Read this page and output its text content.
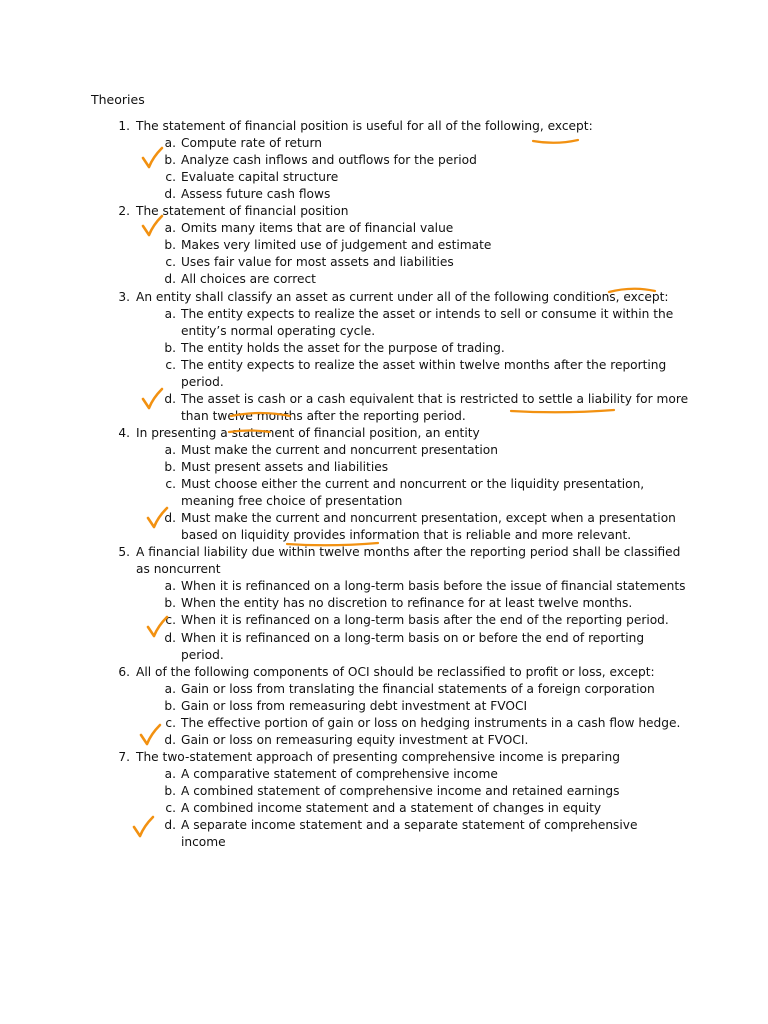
Theories
1. The statement of financial position is useful for all of the following, except:
a. Compute rate of return
b. Analyze cash inflows and outflows for the period
c. Evaluate capital structure
d. Assess future cash flows
2. The statement of financial position
a. Omits many items that are of financial value
b. Makes very limited use of judgement and estimate
c. Uses fair value for most assets and liabilities
d. All choices are correct
3. An entity shall classify an asset as current under all of the following conditions, except:
a. The entity expects to realize the asset or intends to sell or consume it within the
entity’s normal operating cycle.
b. The entity holds the asset for the purpose of trading.
c. The entity expects to realize the asset within twelve months after the reporting
period.
d. The asset is cash or a cash equivalent that is restricted to settle a liability for more
than twelve months after the reporting period.
4. In presenting a statement of financial position, an entity
a. Must make the current and noncurrent presentation
b. Must present assets and liabilities
c. Must choose either the current and noncurrent or the liquidity presentation,
meaning free choice of presentation
d. Must make the current and noncurrent presentation, except when a presentation
based on liquidity provides information that is reliable and more relevant.
5. A financial liability due within twelve months after the reporting period shall be classified
as noncurrent
a. When it is refinanced on a long-term basis before the issue of financial statements
b. When the entity has no discretion to refinance for at least twelve months.
c. When it is refinanced on a long-term basis after the end of the reporting period.
d. When it is refinanced on a long-term basis on or before the end of reporting
period.
6. All of the following components of OCI should be reclassified to profit or loss, except:
a. Gain or loss from translating the financial statements of a foreign corporation
b. Gain or loss from remeasuring debt investment at FVOCI
c. The effective portion of gain or loss on hedging instruments in a cash flow hedge.
d. Gain or loss on remeasuring equity investment at FVOCI.
7. The two-statement approach of presenting comprehensive income is preparing
a. A comparative statement of comprehensive income
b. A combined statement of comprehensive income and retained earnings
c. A combined income statement and a statement of changes in equity
d. A separate income statement and a separate statement of comprehensive
income
